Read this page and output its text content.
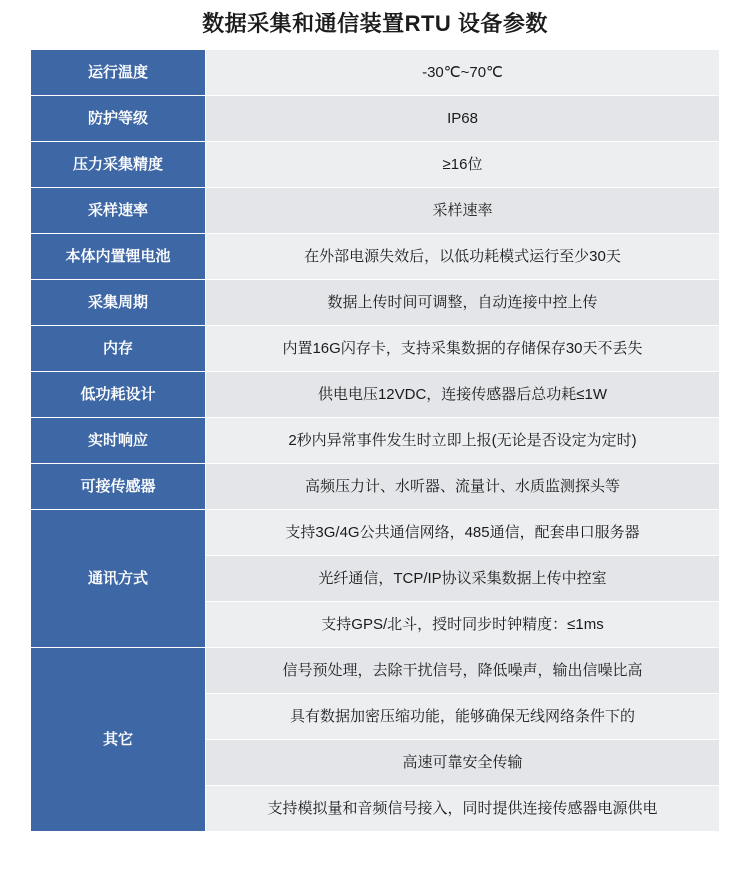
数据采集和通信装置RTU 设备参数
运行温度	-30℃~70℃
防护等级	IP68
压力采集精度	≥16位
采样速率	采样速率
本体内置锂电池	在外部电源失效后，以低功耗模式运行至少30天
采集周期	数据上传时间可调整，自动连接中控上传
内存	内置16G闪存卡，支持采集数据的存储保存30天不丢失
低功耗设计	供电电压12VDC，连接传感器后总功耗≤1W
实时响应	2秒内异常事件发生时立即上报(无论是否设定为定时)
可接传感器	高频压力计、水听器、流量计、水质监测探头等
通讯方式	支持3G/4G公共通信网络，485通信，配套串口服务器
	光纤通信，TCP/IP协议采集数据上传中控室
	支持GPS/北斗，授时同步时钟精度：≤1ms
其它	信号预处理，去除干扰信号，降低噪声，输出信噪比高
	具有数据加密压缩功能，能够确保无线网络条件下的
	高速可靠安全传输
	支持模拟量和音频信号接入，同时提供连接传感器电源供电
